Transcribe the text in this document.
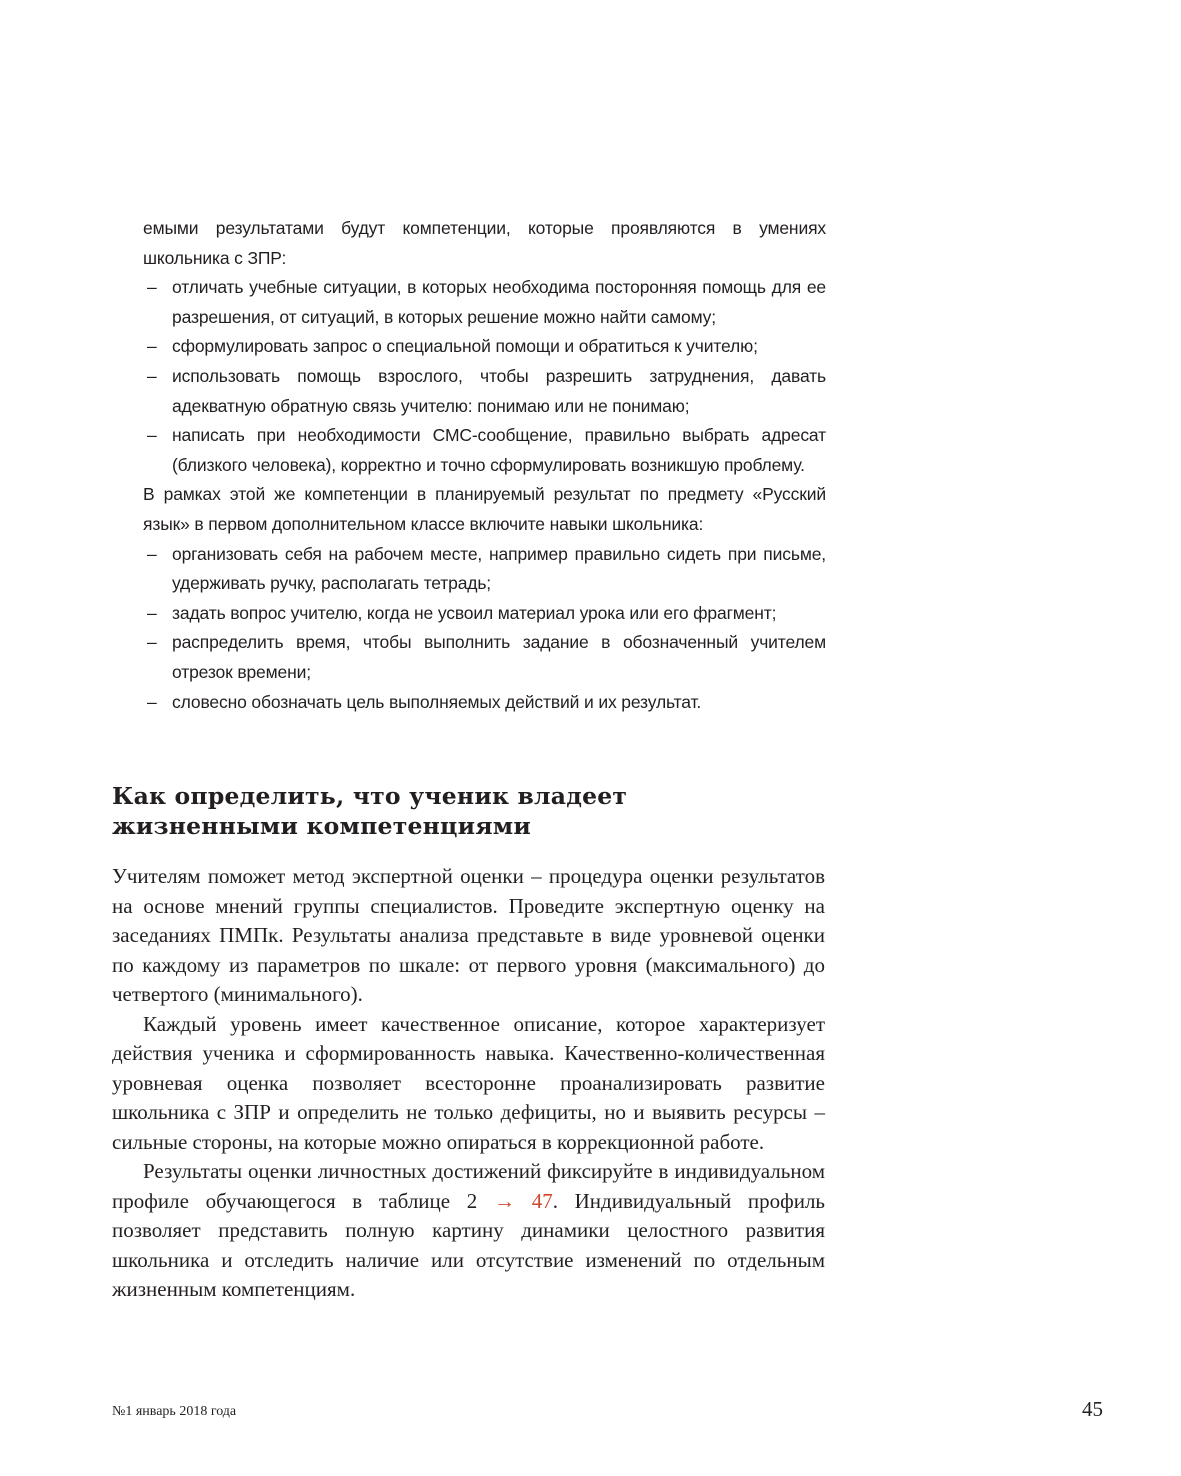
емыми результатами будут компетенции, которые проявляются в умениях школьника с ЗПР:

– отличать учебные ситуации, в которых необходима посторонняя помощь для ее разрешения, от ситуаций, в которых решение можно найти самому;
– сформулировать запрос о специальной помощи и обратиться к учителю;
– использовать помощь взрослого, чтобы разрешить затруднения, давать адекватную обратную связь учителю: понимаю или не понимаю;
– написать при необходимости СМС-сообщение, правильно выбрать адресат (близкого человека), корректно и точно сформулировать возникшую проблему.

В рамках этой же компетенции в планируемый результат по предмету «Русский язык» в первом дополнительном классе включите навыки школьника:

– организовать себя на рабочем месте, например правильно сидеть при письме, удерживать ручку, располагать тетрадь;
– задать вопрос учителю, когда не усвоил материал урока или его фрагмент;
– распределить время, чтобы выполнить задание в обозначенный учителем отрезок времени;
– словесно обозначать цель выполняемых действий и их результат.
Как определить, что ученик владеет
жизненными компетенциями

Учителям поможет метод экспертной оценки – процедура оценки результатов на основе мнений группы специалистов. Проведите экспертную оценку на заседаниях ПМПк. Результаты анализа представьте в виде уровневой оценки по каждому из параметров по шкале: от первого уровня (максимального) до четвертого (минимального).

Каждый уровень имеет качественное описание, которое характеризует действия ученика и сформированность навыка. Качественно-количественная уровневая оценка позволяет всесторонне проанализировать развитие школьника с ЗПР и определить не только дефициты, но и выявить ресурсы – сильные стороны, на которые можно опираться в коррекционной работе.

Результаты оценки личностных достижений фиксируйте в индивидуальном профиле обучающегося в таблице 2 → 47. Индивидуальный профиль позволяет представить полную картину динамики целостного развития школьника и отследить наличие или отсутствие изменений по отдельным жизненным компетенциям.

№1 январь 2018 года	45
